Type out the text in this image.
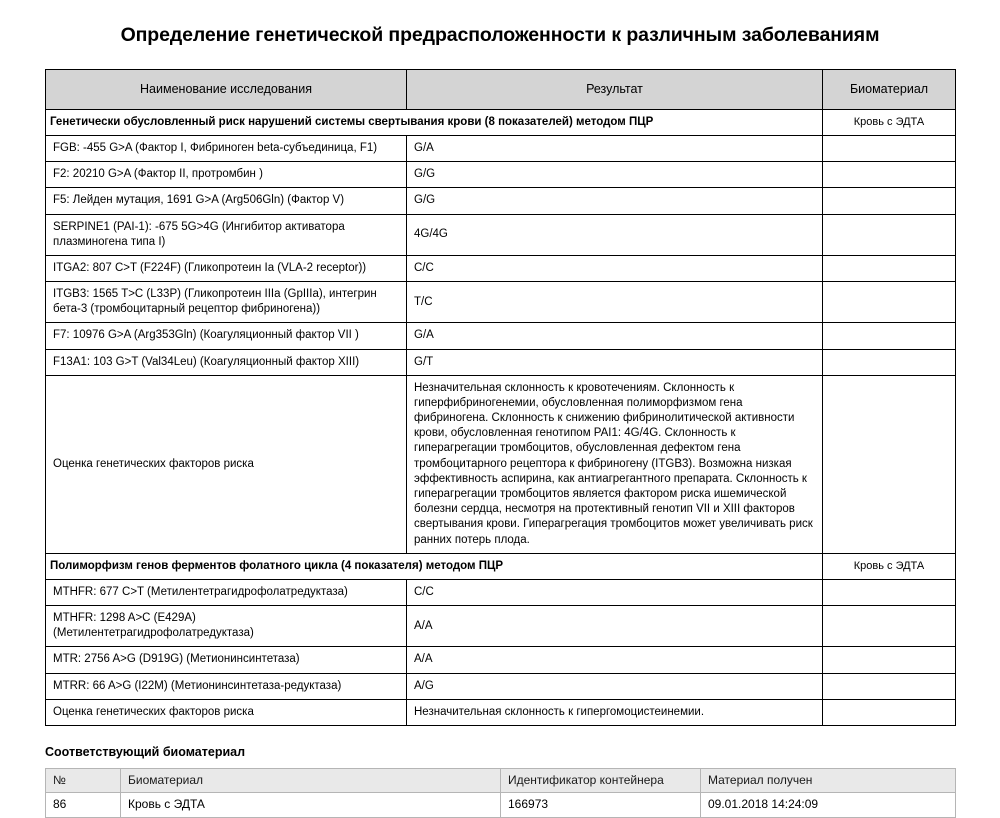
Определение генетической предрасположенности к различным заболеваниям
Наименование исследования	Результат	Биоматериал
Генетически обусловленный риск нарушений системы свертывания крови (8 показателей) методом ПЦР		Кровь с ЭДТА
FGB: -455 G>A (Фактор I, Фибриноген beta-субъединица, F1)	G/A	
F2: 20210 G>A (Фактор II, протромбин )	G/G	
F5: Лейден мутация, 1691 G>A (Arg506Gln) (Фактор V)	G/G	
SERPINE1 (PAI-1): -675 5G>4G (Ингибитор активатора плазминогена типа I)	4G/4G	
ITGA2: 807 C>T (F224F) (Гликопротеин Ia (VLA-2 receptor))	C/C	
ITGB3: 1565 T>C (L33P) (Гликопротеин IIIa (GpIIIa), интегрин бета-3 (тромбоцитарный рецептор фибриногена))	T/C	
F7: 10976 G>A (Arg353Gln) (Коагуляционный фактор VII )	G/A	
F13A1: 103 G>T (Val34Leu) (Коагуляционный фактор XIII)	G/T	
Оценка генетических факторов риска	Незначительная склонность к кровотечениям. Склонность к гиперфибриногенемии, обусловленная полиморфизмом гена фибриногена. Склонность к снижению фибринолитической активности крови, обусловленная генотипом PAI1: 4G/4G. Склонность к гиперагрегации тромбоцитов, обусловленная дефектом гена тромбоцитарного рецептора к фибриногену (ITGB3). Возможна низкая эффективность аспирина, как антиагрегантного препарата. Склонность к гиперагрегации тромбоцитов является фактором риска ишемической болезни сердца, несмотря на протективный генотип VII и XIII факторов свертывания крови. Гиперагрегация тромбоцитов может увеличивать риск ранних потерь плода.	
Полиморфизм генов ферментов фолатного цикла (4 показателя) методом ПЦР		Кровь с ЭДТА
MTHFR: 677 C>T (Метилентетрагидрофолатредуктаза)	C/C	
MTHFR: 1298 A>C (E429A) (Метилентетрагидрофолатредуктаза)	A/A	
MTR: 2756 A>G (D919G) (Метионинсинтетаза)	A/A	
MTRR: 66 A>G (I22M) (Метионинсинтетаза-редуктаза)	A/G	
Оценка генетических факторов риска	Незначительная склонность к гипергомоцистеинемии.	
Соответствующий биоматериал
№	Биоматериал	Идентификатор контейнера	Материал получен
86	Кровь с ЭДТА	166973	09.01.2018 14:24:09
